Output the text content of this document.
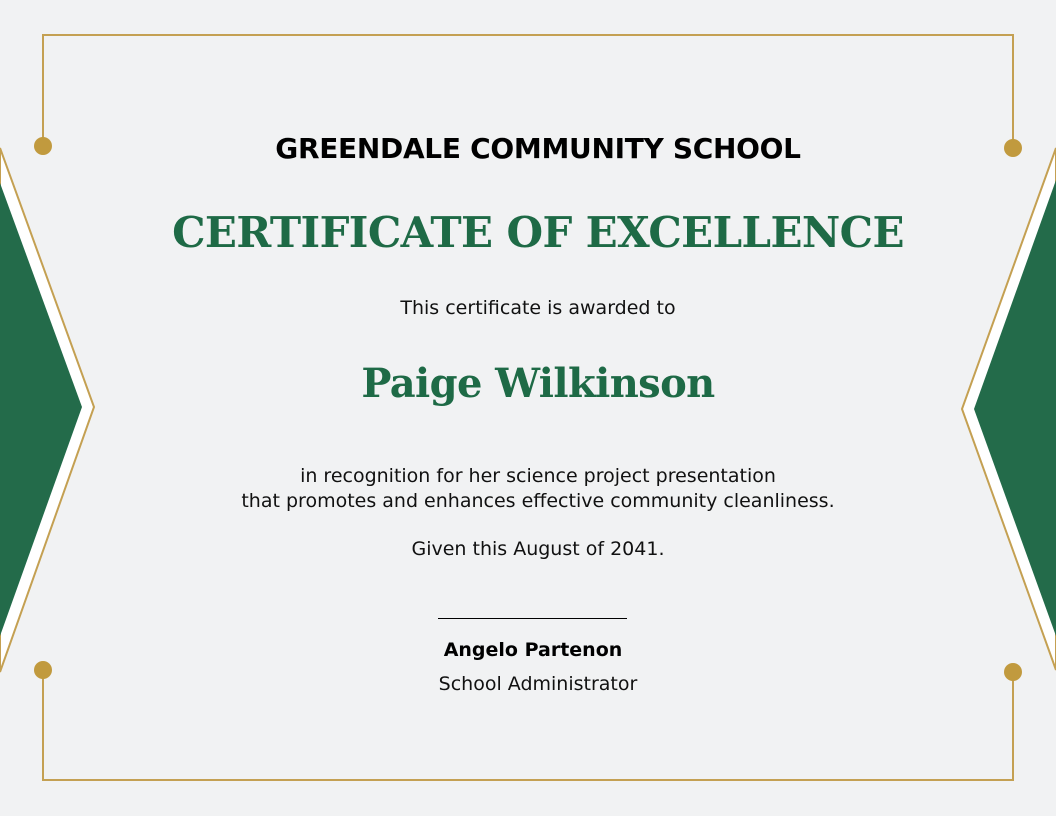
GREENDALE COMMUNITY SCHOOL
CERTIFICATE OF EXCELLENCE
This certificate is awarded to
Paige Wilkinson
in recognition for her science project presentation
that promotes and enhances effective community cleanliness.
Given this August of 2041.
Angelo Partenon
School Administrator
